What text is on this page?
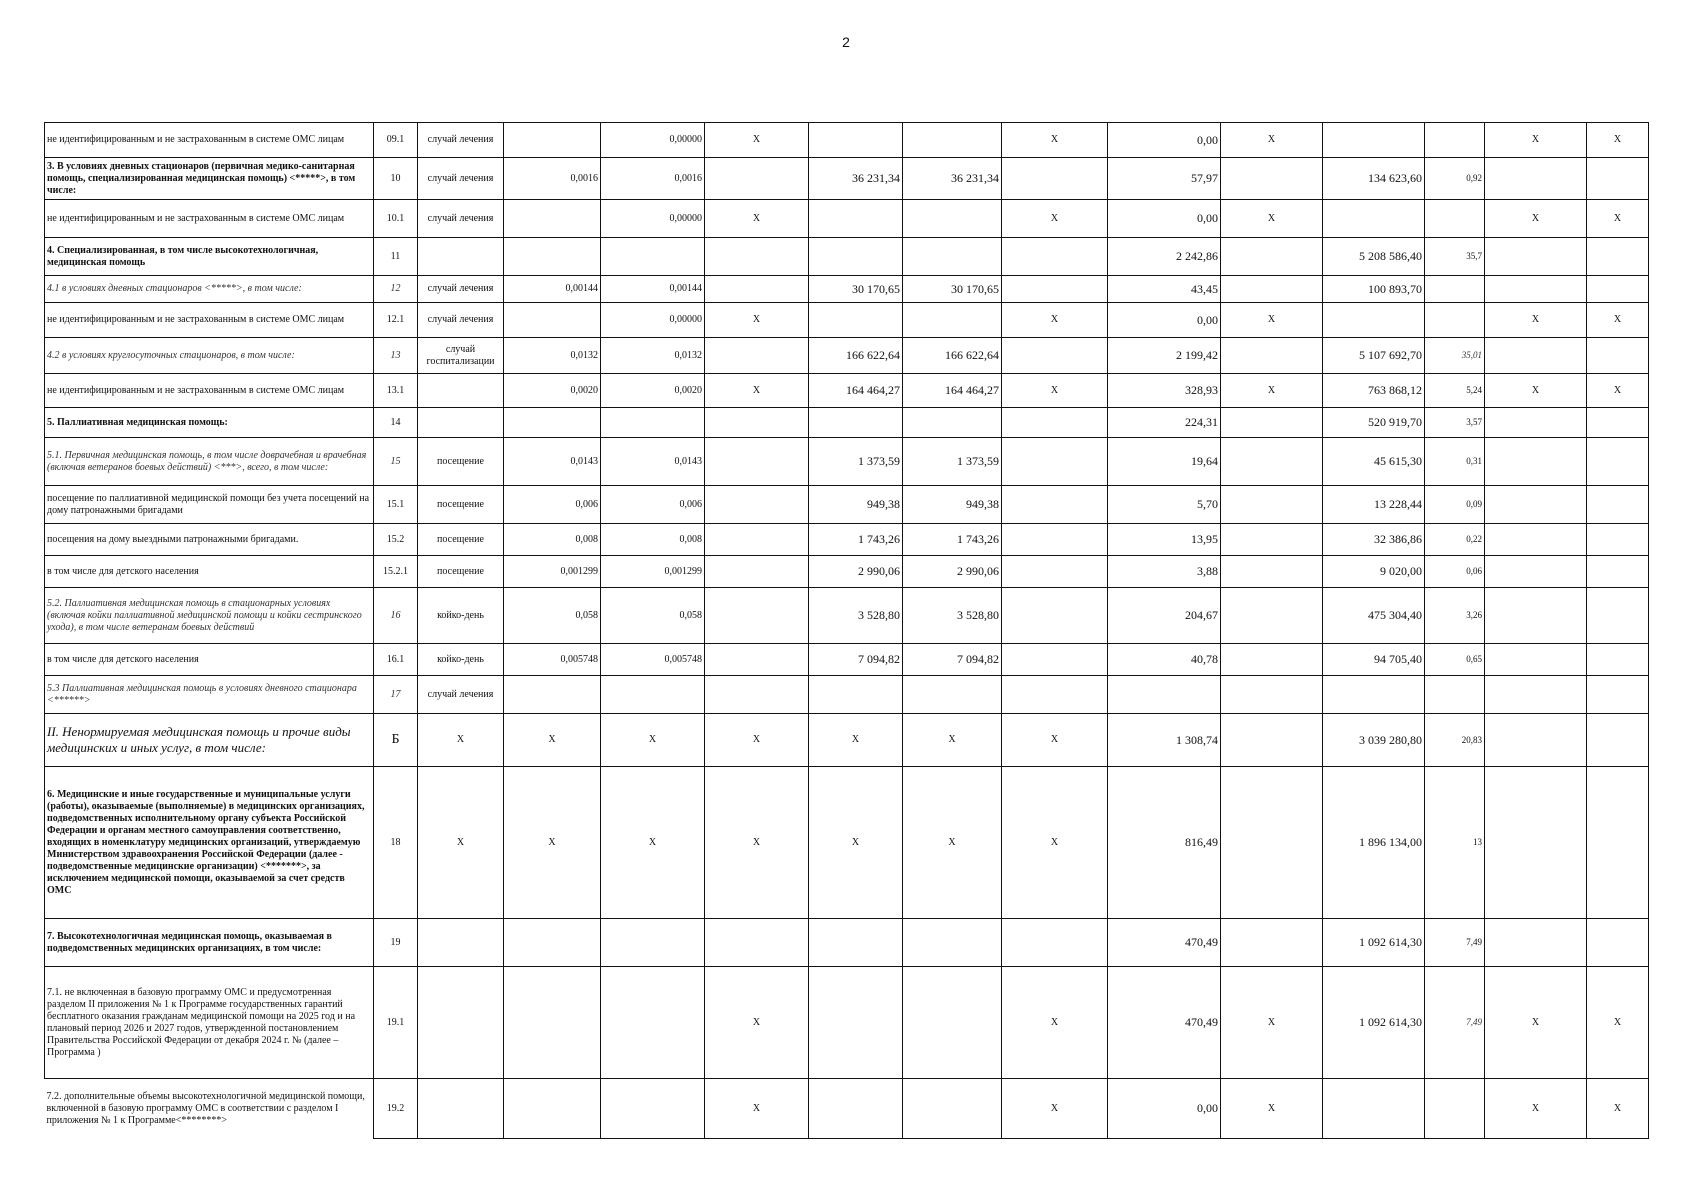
2
не идентифицированным и не застрахованным в системе ОМС лицам	09.1	случай лечения		0,00000	X			X	0,00	X			X	X
3. В условиях дневных стационаров (первичная медико-санитарная помощь, специализированная медицинская помощь) <*****>, в том числе:	10	случай лечения	0,0016	0,0016		36 231,34	36 231,34		57,97		134 623,60	0,92		
не идентифицированным и не застрахованным в системе ОМС лицам	10.1	случай лечения		0,00000	X			X	0,00	X			X	X
4. Специализированная, в том числе высокотехнологичная, медицинская помощь	11								2 242,86		5 208 586,40	35,7		
4.1 в условиях дневных стационаров <*****>, в том числе:	12	случай лечения	0,00144	0,00144		30 170,65	30 170,65		43,45		100 893,70			
не идентифицированным и не застрахованным в системе ОМС лицам	12.1	случай лечения		0,00000	X			X	0,00	X			X	X
4.2 в условиях круглосуточных стационаров, в том числе:	13	случай госпитализации	0,0132	0,0132		166 622,64	166 622,64		2 199,42		5 107 692,70	35,01		
не идентифицированным и не застрахованным в системе ОМС лицам	13.1		0,0020	0,0020	X	164 464,27	164 464,27	X	328,93	X	763 868,12	5,24	X	X
5. Паллиативная медицинская помощь:	14								224,31		520 919,70	3,57		
5.1. Первичная медицинская помощь, в том числе доврачебная и врачебная (включая ветеранов боевых действий) <***>, всего, в том числе:	15	посещение	0,0143	0,0143		1 373,59	1 373,59		19,64		45 615,30	0,31		
посещение по паллиативной медицинской помощи без учета посещений на дому патронажными бригадами	15.1	посещение	0,006	0,006		949,38	949,38		5,70		13 228,44	0,09		
посещения на дому выездными патронажными бригадами.	15.2	посещение	0,008	0,008		1 743,26	1 743,26		13,95		32 386,86	0,22		
в том числе для детского населения	15.2.1	посещение	0,001299	0,001299		2 990,06	2 990,06		3,88		9 020,00	0,06		
5.2. Паллиативная медицинская помощь в стационарных условиях (включая койки паллиативной медицинской помощи и койки сестринского ухода), в том числе ветеранам боевых действий	16	койко-день	0,058	0,058		3 528,80	3 528,80		204,67		475 304,40	3,26		
в том числе для детского населения	16.1	койко-день	0,005748	0,005748		7 094,82	7 094,82		40,78		94 705,40	0,65		
5.3 Паллиативная медицинская помощь в условиях дневного стационара <******>	17	случай лечения												
II. Ненормируемая медицинская помощь и прочие виды медицинских и иных услуг, в том числе:	Б	X	X	X	X	X	X	X	1 308,74		3 039 280,80	20,83		
6. Медицинские и иные государственные и муниципальные услуги (работы), оказываемые (выполняемые) в медицинских организациях, подведомственных исполнительному органу субъекта Российской Федерации и органам местного самоуправления соответственно, входящих в номенклатуру медицинских организаций, утверждаемую Министерством здравоохранения Российской Федерации (далее - подведомственные медицинские организации) <*******>, за исключением медицинской помощи, оказываемой за счет средств ОМС	18	X	X	X	X	X	X	X	816,49		1 896 134,00	13		
7. Высокотехнологичная медицинская помощь, оказываемая в подведомственных медицинских организациях, в том числе:	19								470,49		1 092 614,30	7,49		
7.1. не включенная в базовую программу ОМС и предусмотренная разделом II приложения № 1 к Программе государственных гарантий бесплатного оказания гражданам медицинской помощи на 2025 год и на плановый период 2026 и 2027 годов, утвержденной постановлением Правительства Российской Федерации от декабря 2024 г. № (далее – Программа )	19.1				X			X	470,49	X	1 092 614,30	7,49	X	X
7.2. дополнительные объемы высокотехнологичной медицинской помощи, включенной в базовую программу ОМС в соответствии с разделом I приложения № 1 к Программе<********>	19.2				X			X	0,00	X			X	X
